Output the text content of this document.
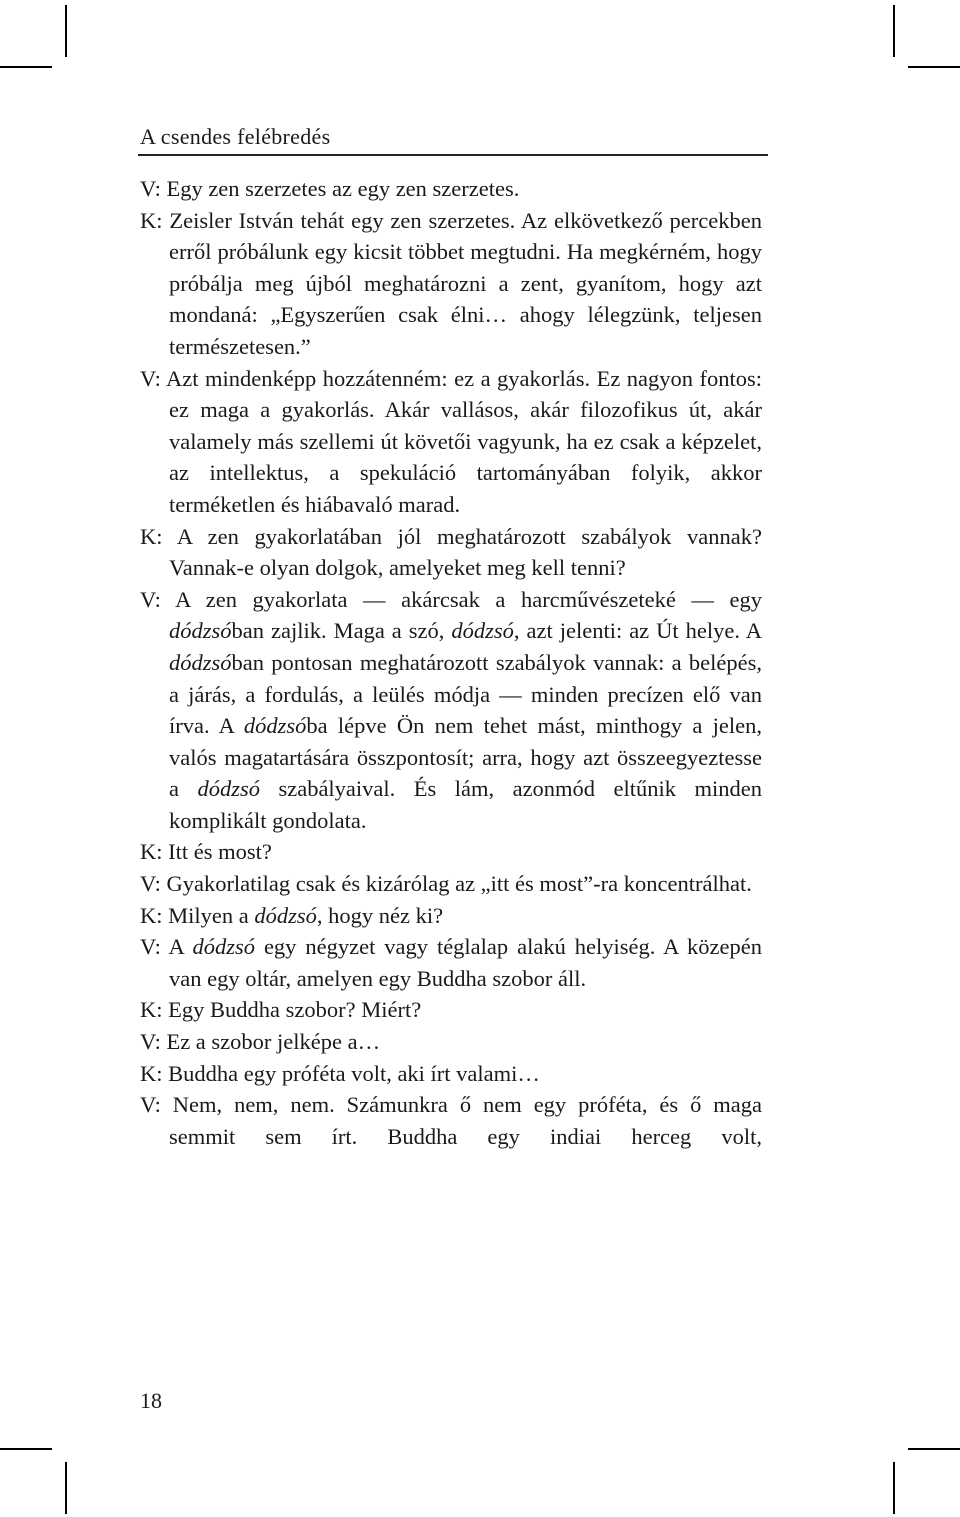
A csendes felébredés

V: Egy zen szerzetes az egy zen szerzetes.

K: Zeisler István tehát egy zen szerzetes. Az elkövetkező percekben erről próbálunk egy kicsit többet megtudni. Ha megkérném, hogy próbálja meg újból meghatározni a zent, gyanítom, hogy azt mondaná: „Egyszerűen csak élni… ahogy lélegzünk, teljesen természetesen.”

V: Azt mindenképp hozzátenném: ez a gyakorlás. Ez nagyon fontos: ez maga a gyakorlás. Akár vallásos, akár filozofikus út, akár valamely más szellemi út követői vagyunk, ha ez csak a képzelet, az intellektus, a spekuláció tartományában folyik, akkor terméketlen és hiábavaló marad.

K: A zen gyakorlatában jól meghatározott szabályok vannak? Vannak-e olyan dolgok, amelyeket meg kell tenni?

V: A zen gyakorlata — akárcsak a harcművészeteké — egy dódzsóban zajlik. Maga a szó, dódzsó, azt jelenti: az Út helye. A dódzsóban pontosan meghatározott szabályok vannak: a belépés, a járás, a fordulás, a leülés módja — minden precízen elő van írva. A dódzsóba lépve Ön nem tehet mást, minthogy a jelen, valós magatartására összpontosít; arra, hogy azt összeegyeztesse a dódzsó szabályaival. És lám, azonmód eltűnik minden komplikált gondolata.

K: Itt és most?

V: Gyakorlatilag csak és kizárólag az „itt és most”-ra koncentrálhat.

K: Milyen a dódzsó, hogy néz ki?

V: A dódzsó egy négyzet vagy téglalap alakú helyiség. A közepén van egy oltár, amelyen egy Buddha szobor áll.

K: Egy Buddha szobor? Miért?

V: Ez a szobor jelképe a…

K: Buddha egy próféta volt, aki írt valami…

V: Nem, nem, nem. Számunkra ő nem egy próféta, és ő maga semmit sem írt. Buddha egy indiai herceg volt,

18
